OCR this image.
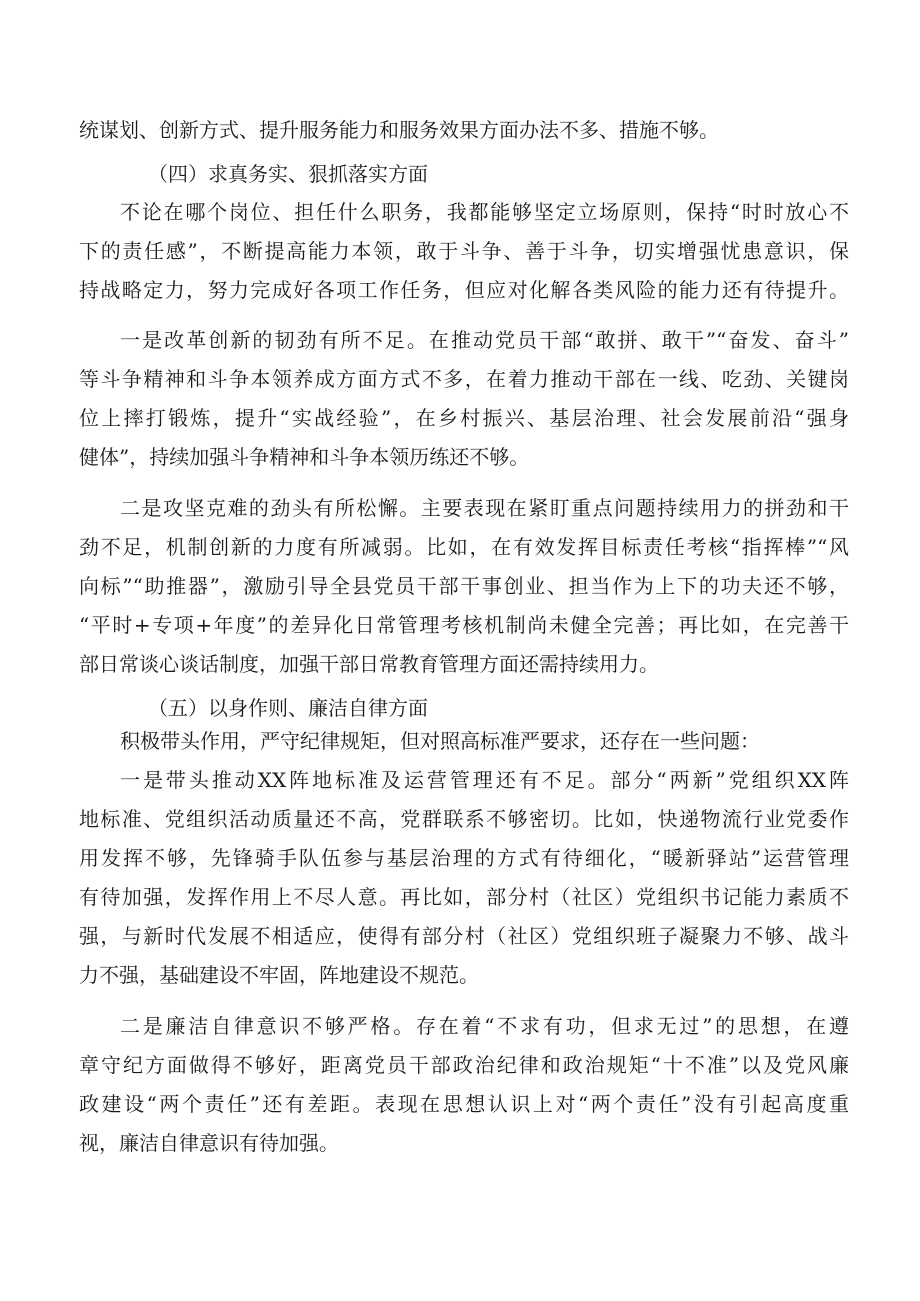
统谋划、创新方式、提升服务能力和服务效果方面办法不多、措施不够。
（四）求真务实、狠抓落实方面
不论在哪个岗位、担任什么职务，我都能够坚定立场原则，保持“时时放心不
下的责任感”，不断提高能力本领，敢于斗争、善于斗争，切实增强忧患意识，保
持战略定力，努力完成好各项工作任务，但应对化解各类风险的能力还有待提升。
一是改革创新的韧劲有所不足。在推动党员干部“敢拼、敢干”“奋发、奋斗”
等斗争精神和斗争本领养成方面方式不多，在着力推动干部在一线、吃劲、关键岗
位上摔打锻炼，提升“实战经验”，在乡村振兴、基层治理、社会发展前沿“强身
健体”，持续加强斗争精神和斗争本领历练还不够。
二是攻坚克难的劲头有所松懈。主要表现在紧盯重点问题持续用力的拼劲和干
劲不足，机制创新的力度有所减弱。比如，在有效发挥目标责任考核“指挥棒”“风
向标”“助推器”，激励引导全县党员干部干事创业、担当作为上下的功夫还不够，
“平时+专项+年度”的差异化日常管理考核机制尚未健全完善；再比如，在完善干
部日常谈心谈话制度，加强干部日常教育管理方面还需持续用力。
（五）以身作则、廉洁自律方面
积极带头作用，严守纪律规矩，但对照高标准严要求，还存在一些问题：
一是带头推动XX阵地标准及运营管理还有不足。部分“两新”党组织XX阵
地标准、党组织活动质量还不高，党群联系不够密切。比如，快递物流行业党委作
用发挥不够，先锋骑手队伍参与基层治理的方式有待细化，“暖新驿站”运营管理
有待加强，发挥作用上不尽人意。再比如，部分村（社区）党组织书记能力素质不
强，与新时代发展不相适应，使得有部分村（社区）党组织班子凝聚力不够、战斗
力不强，基础建设不牢固，阵地建设不规范。
二是廉洁自律意识不够严格。存在着“不求有功，但求无过”的思想，在遵
章守纪方面做得不够好，距离党员干部政治纪律和政治规矩“十不准”以及党风廉
政建设“两个责任”还有差距。表现在思想认识上对“两个责任”没有引起高度重
视，廉洁自律意识有待加强。
